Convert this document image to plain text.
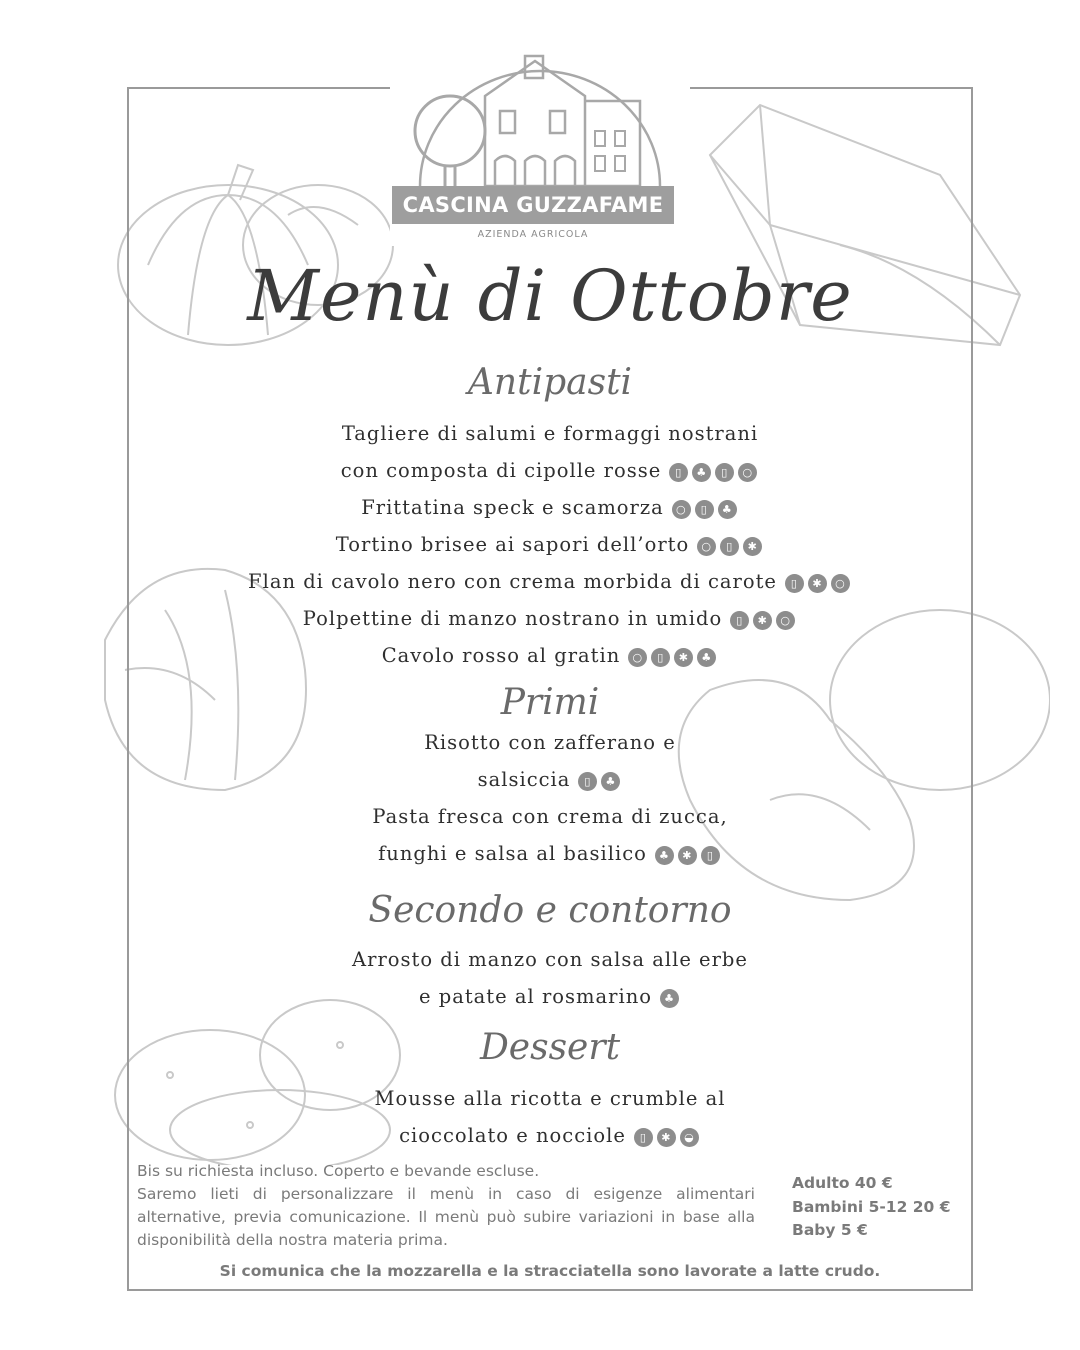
CASCINA GUZZAFAME
AZIENDA AGRICOLA
Menù di Ottobre
Antipasti
Tagliere di salumi e formaggi nostrani
con composta di cipolle rosse ▯ ♣ ▯ ○
Frittatina speck e scamorza ○ ▯ ♣
Tortino brisee ai sapori dell’orto ○ ▯ ✱
Flan di cavolo nero con crema morbida di carote ▯ ✱ ○
Polpettine di manzo nostrano in umido ▯ ✱ ○
Cavolo rosso al gratin ○ ▯ ✱ ♣
Primi
Risotto con zafferano e
salsiccia ▯ ♣
Pasta fresca con crema di zucca,
funghi e salsa al basilico ♣ ✱ ▯
Secondo e contorno
Arrosto di manzo con salsa alle erbe
e patate al rosmarino ♣
Dessert
Mousse alla ricotta e crumble al
cioccolato e nocciole ▯ ✱ ◒

Bis su richiesta incluso. Coperto e bevande escluse.

Saremo lieti di personalizzare il menù in caso di esigenze alimentari alternative, previa comunicazione. Il menù può subire variazioni in base alla disponibilità della nostra materia prima.

Adulto 40 €
Bambini 5-12 20 €
Baby 5 €
Si comunica che la mozzarella e la stracciatella sono lavorate a latte crudo.
